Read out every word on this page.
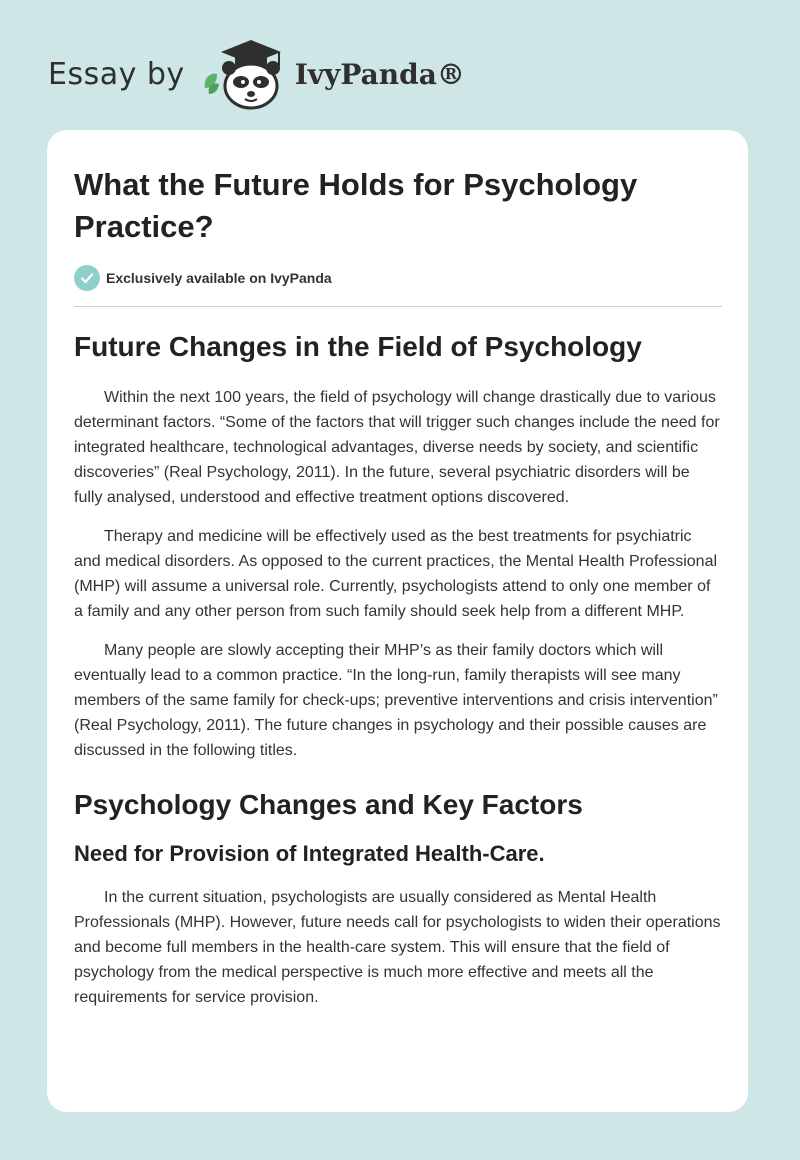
Essay by	IvyPanda®
What the Future Holds for Psychology Practice?
Exclusively available on IvyPanda
Future Changes in the Field of Psychology

Within the next 100 years, the field of psychology will change drastically due to various determinant factors. “Some of the factors that will trigger such changes include the need for integrated healthcare, technological advantages, diverse needs by society, and scientific discoveries” (Real Psychology, 2011). In the future, several psychiatric disorders will be fully analysed, understood and effective treatment options discovered.

Therapy and medicine will be effectively used as the best treatments for psychiatric and medical disorders. As opposed to the current practices, the Mental Health Professional (MHP) will assume a universal role. Currently, psychologists attend to only one member of a family and any other person from such family should seek help from a different MHP.

Many people are slowly accepting their MHP’s as their family doctors which will eventually lead to a common practice. “In the long-run, family therapists will see many members of the same family for check-ups; preventive interventions and crisis intervention” (Real Psychology, 2011). The future changes in psychology and their possible causes are discussed in the following titles.

Psychology Changes and Key Factors
Need for Provision of Integrated Health-Care.

In the current situation, psychologists are usually considered as Mental Health Professionals (MHP). However, future needs call for psychologists to widen their operations and become full members in the health-care system. This will ensure that the field of psychology from the medical perspective is much more effective and meets all the requirements for service provision.
